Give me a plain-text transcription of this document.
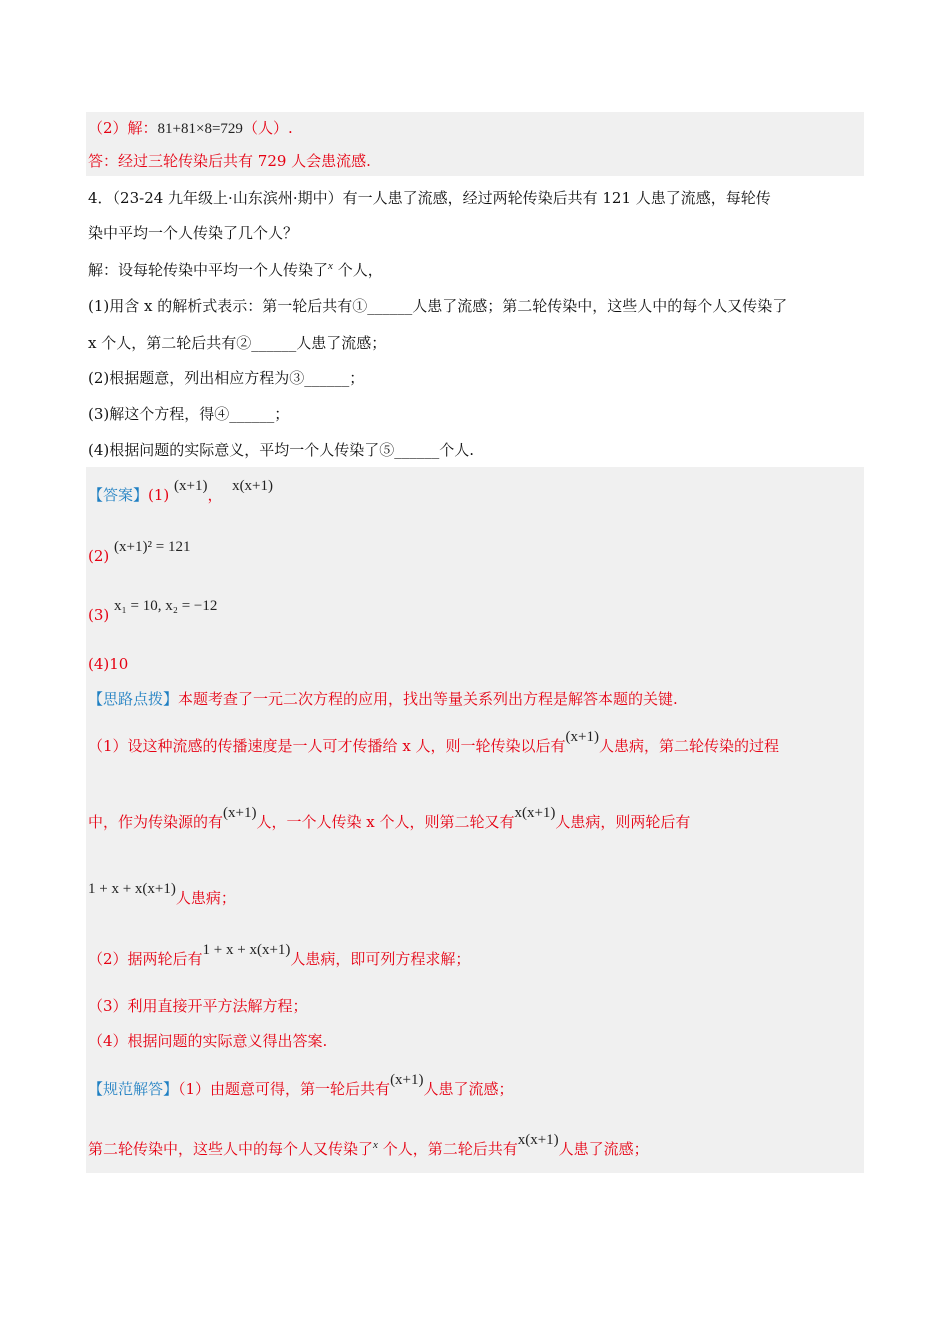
（2）解：81+81×8=729（人）.
答：经过三轮传染后共有 729 人会患流感.
4．（23-24 九年级上·山东滨州·期中）有一人患了流感，经过两轮传染后共有 121 人患了流感，每轮传
染中平均一个人传染了几个人？
解：设每轮传染中平均一个人传染了$^x$ 个人，
(1)用含 x 的解析式表示：第一轮后共有①______人患了流感；第二轮传染中，这些人中的每个人又传染了
x 个人，第二轮后共有②______人患了流感；
(2)根据题意，列出相应方程为③______；
(3)解这个方程，得④______；
(4)根据问题的实际意义，平均一个人传染了⑤______个人.
【答案】(1) (x+1)， x(x+1)
(2) (x+1)² = 121
(3) x₁ = 10, x₂ = −12
(4)10
【思路点拨】本题考查了一元二次方程的应用，找出等量关系列出方程是解答本题的关键.
（1）设这种流感的传播速度是一人可才传播给 x 人，则一轮传染以后有(x+1)人患病，第二轮传染的过程
中，作为传染源的有(x+1)人，一个人传染 x 个人，则第二轮又有x(x+1)人患病，则两轮后有
1 + x + x(x+1)人患病；
（2）据两轮后有1 + x + x(x+1)人患病，即可列方程求解；
（3）利用直接开平方法解方程；
（4）根据问题的实际意义得出答案.
【规范解答】（1）由题意可得，第一轮后共有(x+1)人患了流感；
第二轮传染中，这些人中的每个人又传染了$^x$ 个人，第二轮后共有x(x+1)人患了流感；
